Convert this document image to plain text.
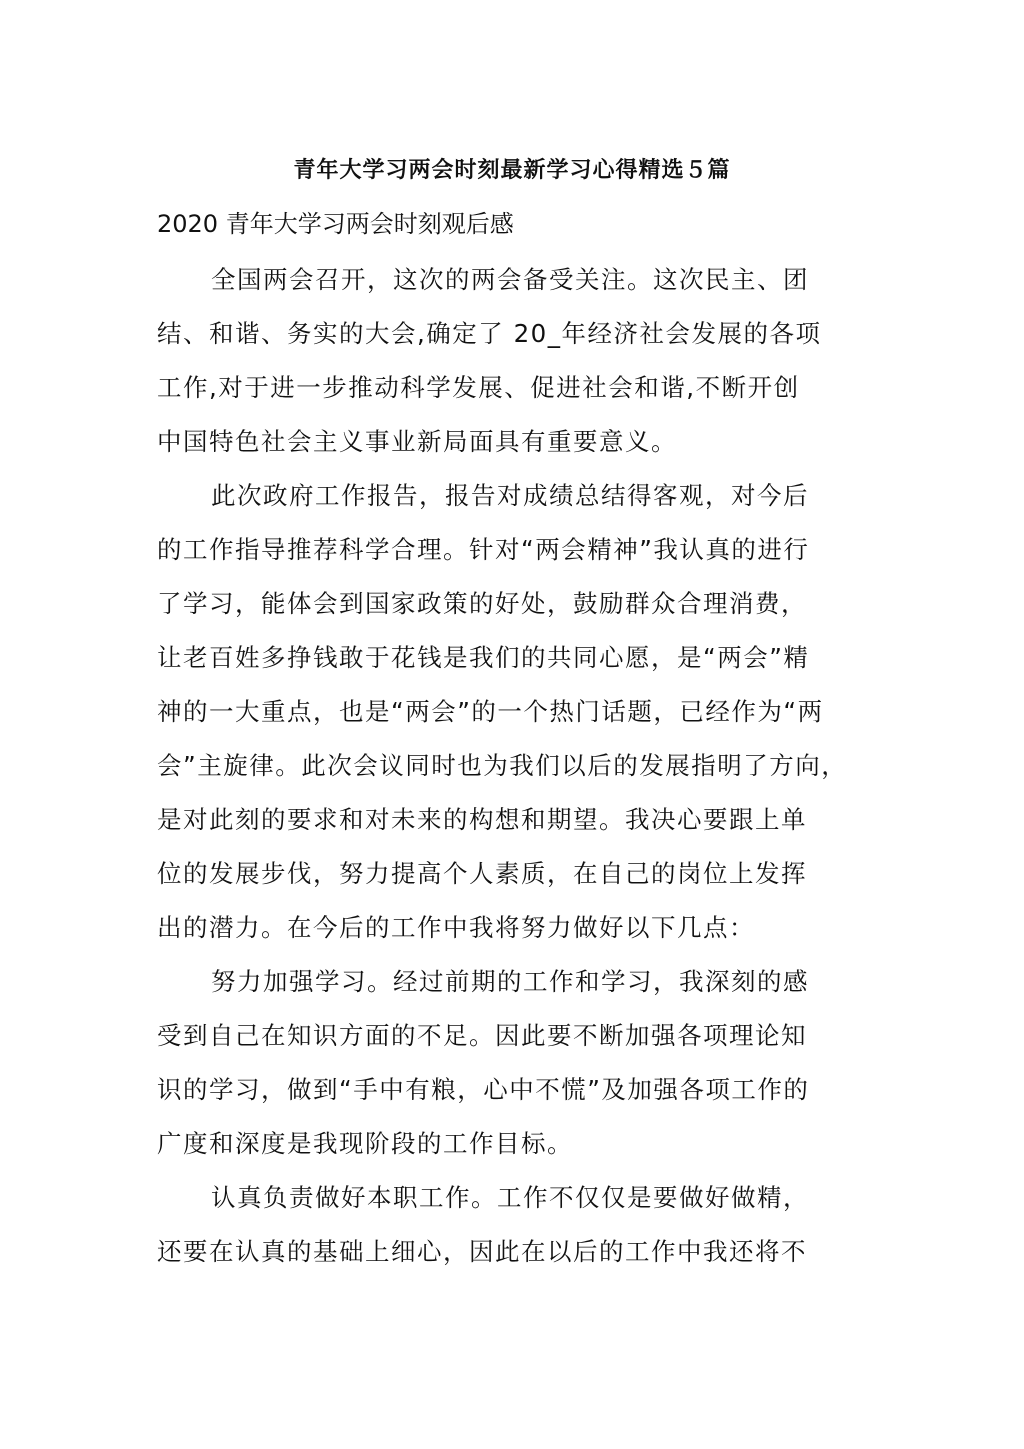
青年大学习两会时刻最新学习心得精选５篇
2020 青年大学习两会时刻观后感

全国两会召开，这次的两会备受关注。这次民主、团

结、和谐、务实的大会,确定了 20_年经济社会发展的各项

工作,对于进一步推动科学发展、促进社会和谐,不断开创

中国特色社会主义事业新局面具有重要意义。

此次政府工作报告，报告对成绩总结得客观，对今后

的工作指导推荐科学合理。针对“两会精神”我认真的进行

了学习，能体会到国家政策的好处，鼓励群众合理消费，

让老百姓多挣钱敢于花钱是我们的共同心愿，是“两会”精

神的一大重点，也是“两会”的一个热门话题，已经作为“两

会”主旋律。此次会议同时也为我们以后的发展指明了方向，

是对此刻的要求和对未来的构想和期望。我决心要跟上单

位的发展步伐，努力提高个人素质，在自己的岗位上发挥

出的潜力。在今后的工作中我将努力做好以下几点：

努力加强学习。经过前期的工作和学习，我深刻的感

受到自己在知识方面的不足。因此要不断加强各项理论知

识的学习，做到“手中有粮，心中不慌”及加强各项工作的

广度和深度是我现阶段的工作目标。

认真负责做好本职工作。工作不仅仅是要做好做精，

还要在认真的基础上细心，因此在以后的工作中我还将不
